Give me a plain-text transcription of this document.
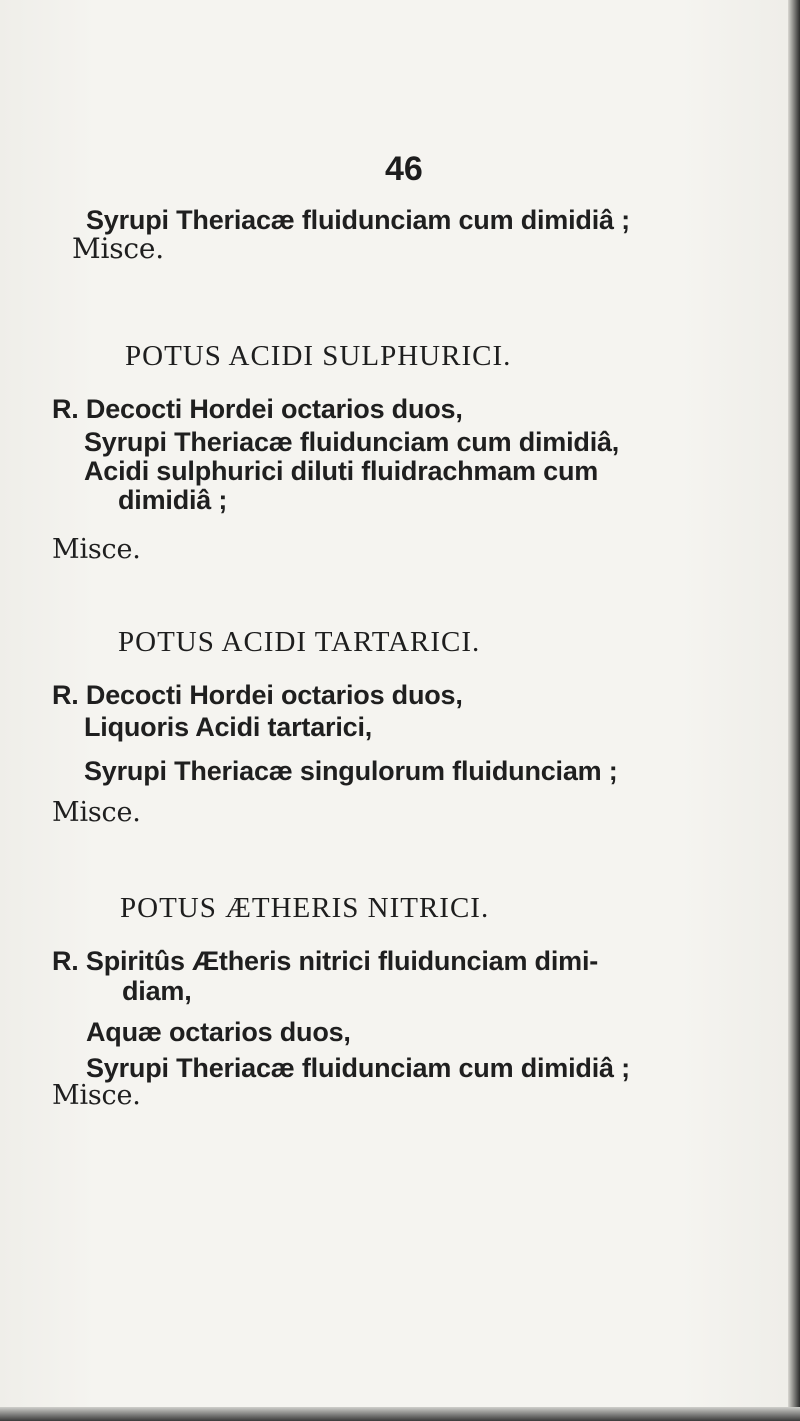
46
Syrupi Theriacæ fluidunciam cum dimidiâ ;
Misce.
POTUS ACIDI SULPHURICI.
R. Decocti Hordei octarios duos,
Syrupi Theriacæ fluidunciam cum dimidiâ,
Acidi sulphurici diluti fluidrachmam cum
dimidiâ ;
Misce.
POTUS ACIDI TARTARICI.
R. Decocti Hordei octarios duos,
Liquoris Acidi tartarici,
Syrupi Theriacæ singulorum fluidunciam ;
Misce.
POTUS ÆTHERIS NITRICI.
R. Spiritûs Ætheris nitrici fluidunciam dimi-
diam,
Aquæ octarios duos,
Syrupi Theriacæ fluidunciam cum dimidiâ ;
Misce.
